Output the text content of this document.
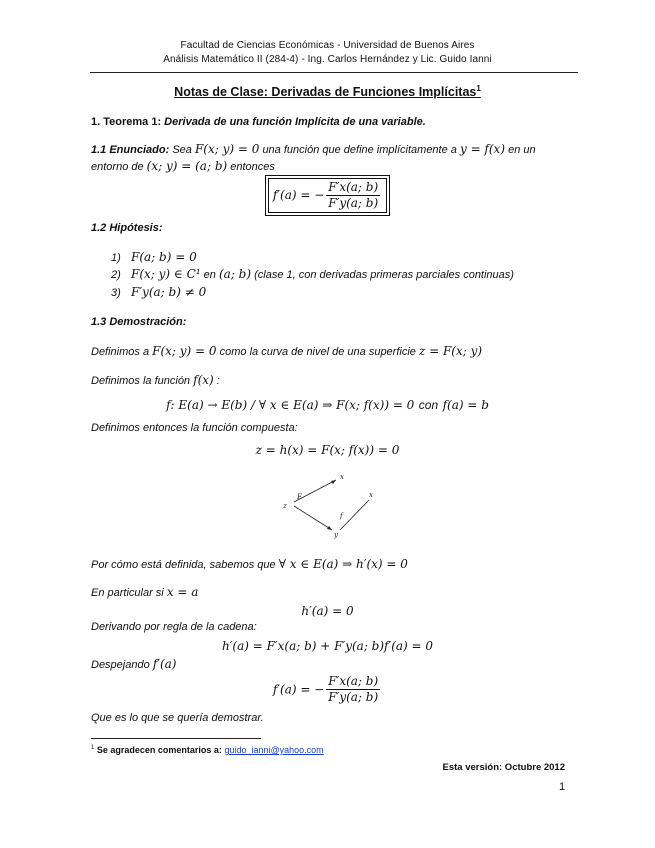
Facultad de Ciencias Económicas - Universidad de Buenos Aires
Análisis Matemático II (284-4) - Ing. Carlos Hernández y Lic. Guido Ianni
Notas de Clase: Derivadas de Funciones Implícitas$^1$
1. Teorema 1: Derivada de una función Implícita de una variable.
1.1 Enunciado: Sea F(x; y) = 0 una función que define implícitamente a y = f(x) en un
entorno de (x; y) = (a; b) entonces
f′(a) = − $\frac{F'x(a; b)}{F'y(a; b)}$
1.2 Hipótesis:
1) F(a; b) = 0
2) F(x; y) ∈ C¹ en (a; b) (clase 1, con derivadas primeras parciales continuas)
3) F′y(a; b) ≠ 0
1.3 Demostración:
Definimos a F(x; y) = 0 como la curva de nivel de una superficie z = F(x; y)
Definimos la función f(x) :
f: E(a) → E(b) / ∀ x ∈ E(a) ⇒ F(x; f(x)) = 0 con f(a) = b
Definimos entonces la función compuesta:
z = h(x) = F(x; f(x)) = 0
z
F
x
x
f
y
Por cómo está definida, sabemos que ∀ x ∈ E(a) ⇒ h′(x) = 0
En particular si x = a
h′(a) = 0
Derivando por regla de la cadena:
h′(a) = F′x(a; b) + F′y(a; b)f′(a) = 0
Despejando f′(a)
f′(a) = − $\frac{F'x(a; b)}{F'y(a; b)}$
Que es lo que se quería demostrar.
$^1$ Se agradecen comentarios a: guido_ianni@yahoo.com
Esta versión: Octubre 2012
1
